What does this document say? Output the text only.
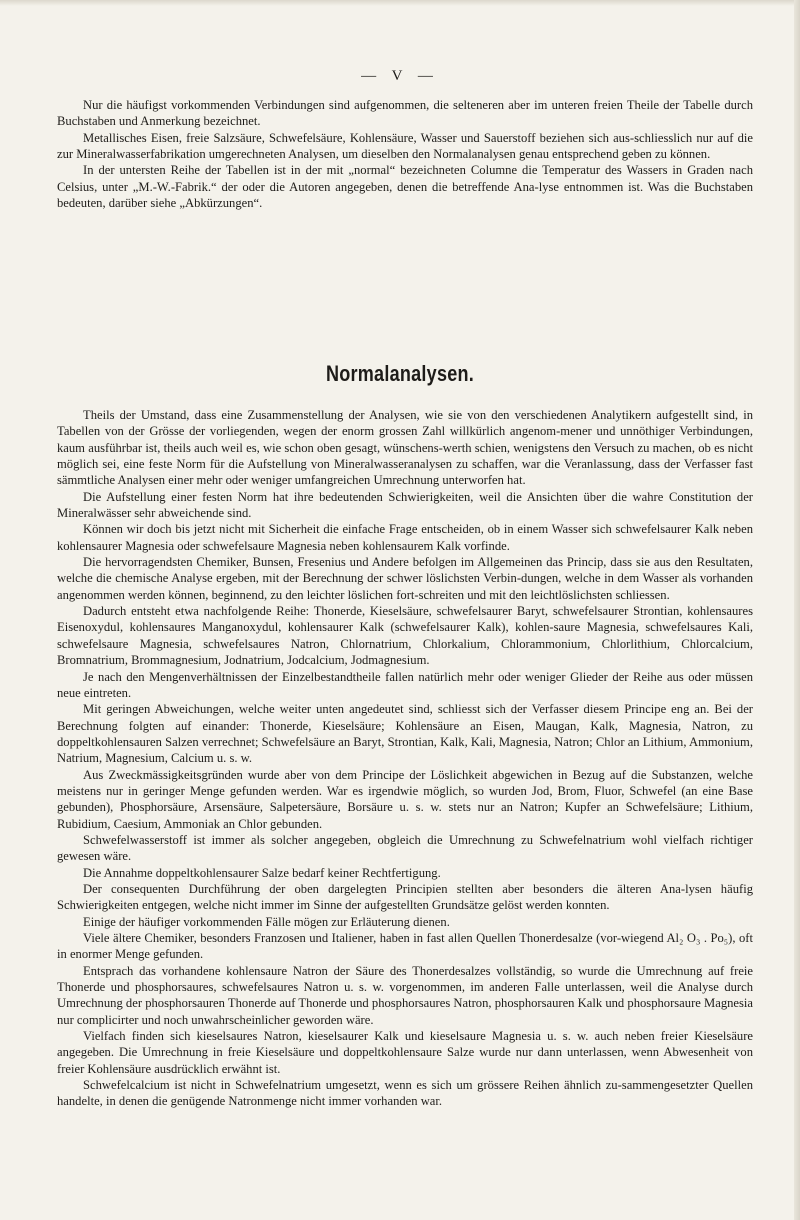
— V —

Nur die häufigst vorkommenden Verbindungen sind aufgenommen, die selteneren aber im unteren freien Theile der Tabelle durch Buchstaben und Anmerkung bezeichnet.

Metallisches Eisen, freie Salzsäure, Schwefelsäure, Kohlensäure, Wasser und Sauerstoff beziehen sich aus-schliesslich nur auf die zur Mineralwasserfabrikation umgerechneten Analysen, um dieselben den Normalanalysen genau entsprechend geben zu können.

In der untersten Reihe der Tabellen ist in der mit „normal“ bezeichneten Columne die Temperatur des Wassers in Graden nach Celsius, unter „M.-W.-Fabrik.“ der oder die Autoren angegeben, denen die betreffende Ana-lyse entnommen ist. Was die Buchstaben bedeuten, darüber siehe „Abkürzungen“.

Normalanalysen.

Theils der Umstand, dass eine Zusammenstellung der Analysen, wie sie von den verschiedenen Analytikern aufgestellt sind, in Tabellen von der Grösse der vorliegenden, wegen der enorm grossen Zahl willkürlich angenom-mener und unnöthiger Verbindungen, kaum ausführbar ist, theils auch weil es, wie schon oben gesagt, wünschens-werth schien, wenigstens den Versuch zu machen, ob es nicht möglich sei, eine feste Norm für die Aufstellung von Mineralwasseranalysen zu schaffen, war die Veranlassung, dass der Verfasser fast sämmtliche Analysen einer mehr oder weniger umfangreichen Umrechnung unterworfen hat.

Die Aufstellung einer festen Norm hat ihre bedeutenden Schwierigkeiten, weil die Ansichten über die wahre Constitution der Mineralwässer sehr abweichende sind.

Können wir doch bis jetzt nicht mit Sicherheit die einfache Frage entscheiden, ob in einem Wasser sich schwefelsaurer Kalk neben kohlensaurer Magnesia oder schwefelsaure Magnesia neben kohlensaurem Kalk vorfinde.

Die hervorragendsten Chemiker, Bunsen, Fresenius und Andere befolgen im Allgemeinen das Princip, dass sie aus den Resultaten, welche die chemische Analyse ergeben, mit der Berechnung der schwer löslichsten Verbin-dungen, welche in dem Wasser als vorhanden angenommen werden können, beginnend, zu den leichter löslichen fort-schreiten und mit den leichtlöslichsten schliessen.

Dadurch entsteht etwa nachfolgende Reihe: Thonerde, Kieselsäure, schwefelsaurer Baryt, schwefelsaurer Strontian, kohlensaures Eisenoxydul, kohlensaures Manganoxydul, kohlensaurer Kalk (schwefelsaurer Kalk), kohlen-saure Magnesia, schwefelsaures Kali, schwefelsaure Magnesia, schwefelsaures Natron, Chlornatrium, Chlorkalium, Chlorammonium, Chlorlithium, Chlorcalcium, Bromnatrium, Brommagnesium, Jodnatrium, Jodcalcium, Jodmagnesium.

Je nach den Mengenverhältnissen der Einzelbestandtheile fallen natürlich mehr oder weniger Glieder der Reihe aus oder müssen neue eintreten.

Mit geringen Abweichungen, welche weiter unten angedeutet sind, schliesst sich der Verfasser diesem Principe eng an. Bei der Berechnung folgten auf einander: Thonerde, Kieselsäure; Kohlensäure an Eisen, Maugan, Kalk, Magnesia, Natron, zu doppeltkohlensauren Salzen verrechnet; Schwefelsäure an Baryt, Strontian, Kalk, Kali, Magnesia, Natron; Chlor an Lithium, Ammonium, Natrium, Magnesium, Calcium u. s. w.

Aus Zweckmässigkeitsgründen wurde aber von dem Principe der Löslichkeit abgewichen in Bezug auf die Substanzen, welche meistens nur in geringer Menge gefunden werden. War es irgendwie möglich, so wurden Jod, Brom, Fluor, Schwefel (an eine Base gebunden), Phosphorsäure, Arsensäure, Salpetersäure, Borsäure u. s. w. stets nur an Natron; Kupfer an Schwefelsäure; Lithium, Rubidium, Caesium, Ammoniak an Chlor gebunden.

Schwefelwasserstoff ist immer als solcher angegeben, obgleich die Umrechnung zu Schwefelnatrium wohl vielfach richtiger gewesen wäre.

Die Annahme doppeltkohlensaurer Salze bedarf keiner Rechtfertigung.

Der consequenten Durchführung der oben dargelegten Principien stellten aber besonders die älteren Ana-lysen häufig Schwierigkeiten entgegen, welche nicht immer im Sinne der aufgestellten Grundsätze gelöst werden konnten.

Einige der häufiger vorkommenden Fälle mögen zur Erläuterung dienen.

Viele ältere Chemiker, besonders Franzosen und Italiener, haben in fast allen Quellen Thonerdesalze (vor-wiegend Al₂ O₃ . Po₅), oft in enormer Menge gefunden.

Entsprach das vorhandene kohlensaure Natron der Säure des Thonerdesalzes vollständig, so wurde die Umrechnung auf freie Thonerde und phosphorsaures, schwefelsaures Natron u. s. w. vorgenommen, im anderen Falle unterlassen, weil die Analyse durch Umrechnung der phosphorsauren Thonerde auf Thonerde und phosphorsaures Natron, phosphorsauren Kalk und phosphorsaure Magnesia nur complicirter und noch unwahrscheinlicher geworden wäre.

Vielfach finden sich kieselsaures Natron, kieselsaurer Kalk und kieselsaure Magnesia u. s. w. auch neben freier Kieselsäure angegeben. Die Umrechnung in freie Kieselsäure und doppeltkohlensaure Salze wurde nur dann unterlassen, wenn Abwesenheit von freier Kohlensäure ausdrücklich erwähnt ist.

Schwefelcalcium ist nicht in Schwefelnatrium umgesetzt, wenn es sich um grössere Reihen ähnlich zu-sammengesetzter Quellen handelte, in denen die genügende Natronmenge nicht immer vorhanden war.
